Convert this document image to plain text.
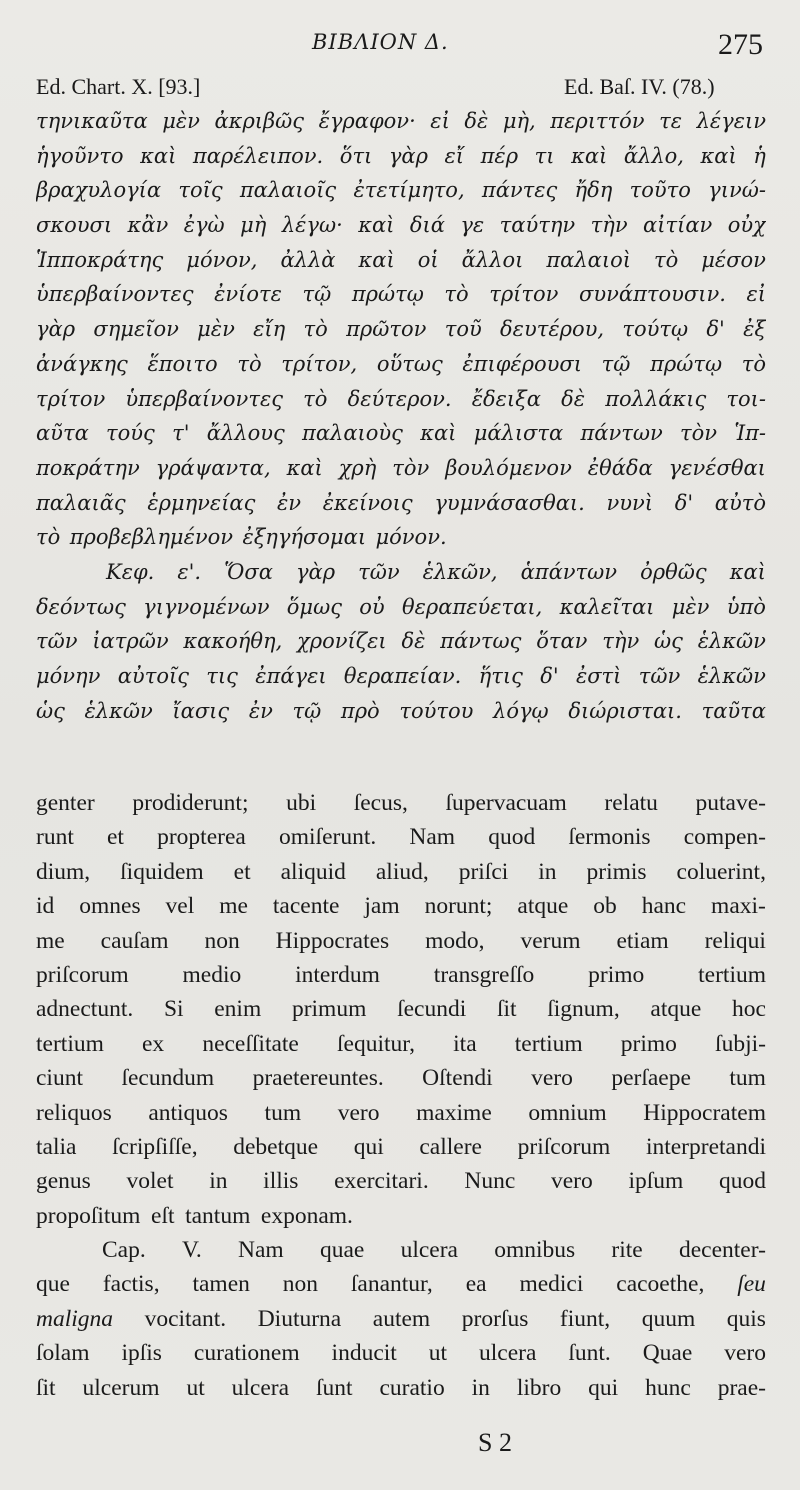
BIBΛΙΟΝ Δ.	275
Ed. Chart. X. [93.]	Ed. Baſ. IV. (78.)
τηνικαῦτα μὲν ἀκριβῶς ἔγραφον· εἰ δὲ μὴ, περιττόν τε λέγειν
ἡγοῦντο καὶ παρέλειπον. ὅτι γὰρ εἴ πέρ τι καὶ ἄλλο, καὶ ἡ
βραχυλογία τοῖς παλαιοῖς ἐτετίμητο, πάντες ἤδη τοῦτο γινώ-
σκουσι κἂν ἐγὼ μὴ λέγω· καὶ διά γε ταύτην τὴν αἰτίαν οὐχ
Ἱπποκράτης μόνον, ἀλλὰ καὶ οἱ ἄλλοι παλαιοὶ τὸ μέσον
ὑπερβαίνοντες ἐνίοτε τῷ πρώτῳ τὸ τρίτον συνάπτουσιν. εἰ
γὰρ σημεῖον μὲν εἴη τὸ πρῶτον τοῦ δευτέρου, τούτῳ δ' ἐξ
ἀνάγκης ἕποιτο τὸ τρίτον, οὕτως ἐπιφέρουσι τῷ πρώτῳ τὸ
τρίτον ὑπερβαίνοντες τὸ δεύτερον. ἔδειξα δὲ πολλάκις τοι-
αῦτα τούς τ' ἄλλους παλαιοὺς καὶ μάλιστα πάντων τὸν Ἱπ-
ποκράτην γράψαντα, καὶ χρὴ τὸν βουλόμενον ἐθάδα γενέσθαι
παλαιᾶς ἑρμηνείας ἐν ἐκείνοις γυμνάσασθαι. νυνὶ δ' αὐτὸ
τὸ προβεβλημένον ἐξηγήσομαι μόνον.
Κεφ. ε'. Ὅσα γὰρ τῶν ἑλκῶν, ἁπάντων ὀρθῶς καὶ
δεόντως γιγνομένων ὅμως οὐ θεραπεύεται, καλεῖται μὲν ὑπὸ
τῶν ἰατρῶν κακοήθη, χρονίζει δὲ πάντως ὅταν τὴν ὡς ἑλκῶν
μόνην αὐτοῖς τις ἐπάγει θεραπείαν. ἥτις δ' ἐστὶ τῶν ἑλκῶν
ὡς ἑλκῶν ἴασις ἐν τῷ πρὸ τούτου λόγῳ διώρισται. ταῦτα
genter prodiderunt; ubi ſecus, ſupervacuam relatu putave-
runt et propterea omiſerunt. Nam quod ſermonis compen-
dium, ſiquidem et aliquid aliud, priſci in primis coluerint,
id omnes vel me tacente jam norunt; atque ob hanc maxi-
me cauſam non Hippocrates modo, verum etiam reliqui
priſcorum medio interdum transgreſſo primo tertium
adnectunt. Si enim primum ſecundi ſit ſignum, atque hoc
tertium ex neceſſitate ſequitur, ita tertium primo ſubji-
ciunt ſecundum praetereuntes. Oſtendi vero perſaepe tum
reliquos antiquos tum vero maxime omnium Hippocratem
talia ſcripſiſſe, debetque qui callere priſcorum interpretandi
genus volet in illis exercitari. Nunc vero ipſum quod
propoſitum eſt tantum exponam.
Cap. V. Nam quae ulcera omnibus rite decenter-
que factis, tamen non ſanantur, ea medici cacoethe, ſeu
maligna vocitant. Diuturna autem prorſus fiunt, quum quis
ſolam ipſis curationem inducit ut ulcera ſunt. Quae vero
ſit ulcerum ut ulcera ſunt curatio in libro qui hunc prae-
S 2
